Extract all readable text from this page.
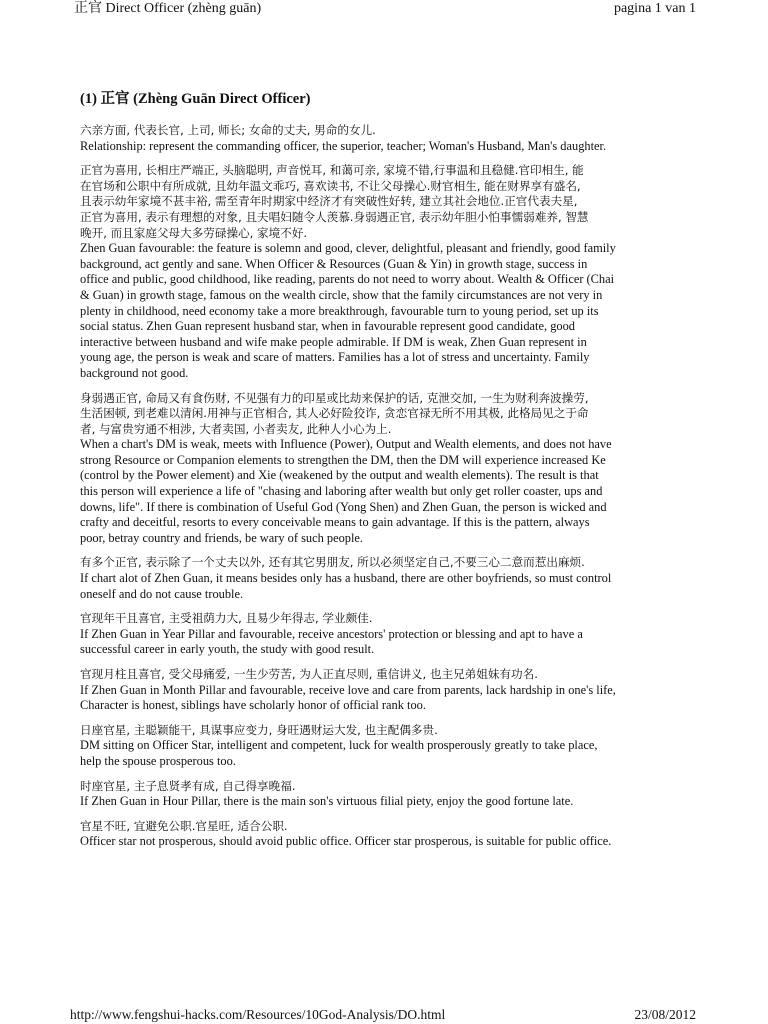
正官 Direct Officer (zhèng guān)	pagina 1 van 1
(1) 正官 (Zhèng Guān Direct Officer)
六亲方面, 代表长官, 上司, 师长; 女命的丈夫, 男命的女儿.
Relationship: represent the commanding officer, the superior, teacher; Woman's Husband, Man's daughter.
正官为喜用, 长相庄严端正, 头脑聪明, 声音悦耳, 和蔼可亲, 家境不错,行事温和且稳健.官印相生, 能
在官场和公职中有所成就, 且幼年温文乖巧, 喜欢读书, 不让父母操心.财官相生, 能在财界享有盛名,
且表示幼年家境不甚丰裕, 需至青年时期家中经济才有突破性好转, 建立其社会地位.正官代表夫星,
正官为喜用, 表示有理想的对象, 且夫唱妇随令人羡慕.身弱遇正官, 表示幼年胆小怕事懦弱难养, 智慧
晚开, 而且家庭父母大多劳碌操心, 家境不好.
Zhen Guan favourable: the feature is solemn and good, clever, delightful, pleasant and friendly, good family
background, act gently and sane. When Officer & Resources (Guan & Yin) in growth stage, success in
office and public, good childhood, like reading, parents do not need to worry about. Wealth & Officer (Chai
& Guan) in growth stage, famous on the wealth circle, show that the family circumstances are not very in
plenty in childhood, need economy take a more breakthrough, favourable turn to young period, set up its
social status. Zhen Guan represent husband star, when in favourable represent good candidate, good
interactive between husband and wife make people admirable. If DM is weak, Zhen Guan represent in
young age, the person is weak and scare of matters. Families has a lot of stress and uncertainty. Family
background not good.
身弱遇正官, 命局又有食伤财, 不见强有力的印星或比劫来保护的话, 克泄交加, 一生为财利奔波操劳,
生活困顿, 到老难以清闲.用神与正官相合, 其人必好险狡诈, 贪恋官禄无所不用其极, 此格局见之于命
者, 与富贵穷通不相涉, 大者卖国, 小者卖友, 此种人小心为上.
When a chart's DM is weak, meets with Influence (Power), Output and Wealth elements, and does not have
strong Resource or Companion elements to strengthen the DM, then the DM will experience increased Ke
(control by the Power element) and Xie (weakened by the output and wealth elements). The result is that
this person will experience a life of "chasing and laboring after wealth but only get roller coaster, ups and
downs, life". If there is combination of Useful God (Yong Shen) and Zhen Guan, the person is wicked and
crafty and deceitful, resorts to every conceivable means to gain advantage. If this is the pattern, always
poor, betray country and friends, be wary of such people.
有多个正官, 表示除了一个丈夫以外, 还有其它男朋友, 所以必须坚定自己,不要三心二意而惹出麻烦.
If chart alot of Zhen Guan, it means besides only has a husband, there are other boyfriends, so must control
oneself and do not cause trouble.
官现年干且喜官, 主受祖荫力大, 且易少年得志, 学业颇佳.
If Zhen Guan in Year Pillar and favourable, receive ancestors' protection or blessing and apt to have a
successful career in early youth, the study with good result.
官现月柱且喜官, 受父母痛爱, 一生少劳苦, 为人正直尽则, 重信讲义, 也主兄弟姐妹有功名.
If Zhen Guan in Month Pillar and favourable, receive love and care from parents, lack hardship in one's life,
Character is honest, siblings have scholarly honor of official rank too.
日座官星, 主聪颖能干, 具谋事应变力, 身旺遇财运大发, 也主配偶多贵.
DM sitting on Officer Star, intelligent and competent, luck for wealth prosperously greatly to take place,
help the spouse prosperous too.
时座官星, 主子息贤孝有成, 自己得享晚福.
If Zhen Guan in Hour Pillar, there is the main son's virtuous filial piety, enjoy the good fortune late.
官星不旺, 宜避免公职.官星旺, 适合公职.
Officer star not prosperous, should avoid public office. Officer star prosperous, is suitable for public office.
http://www.fengshui-hacks.com/Resources/10God-Analysis/DO.html	23/08/2012
